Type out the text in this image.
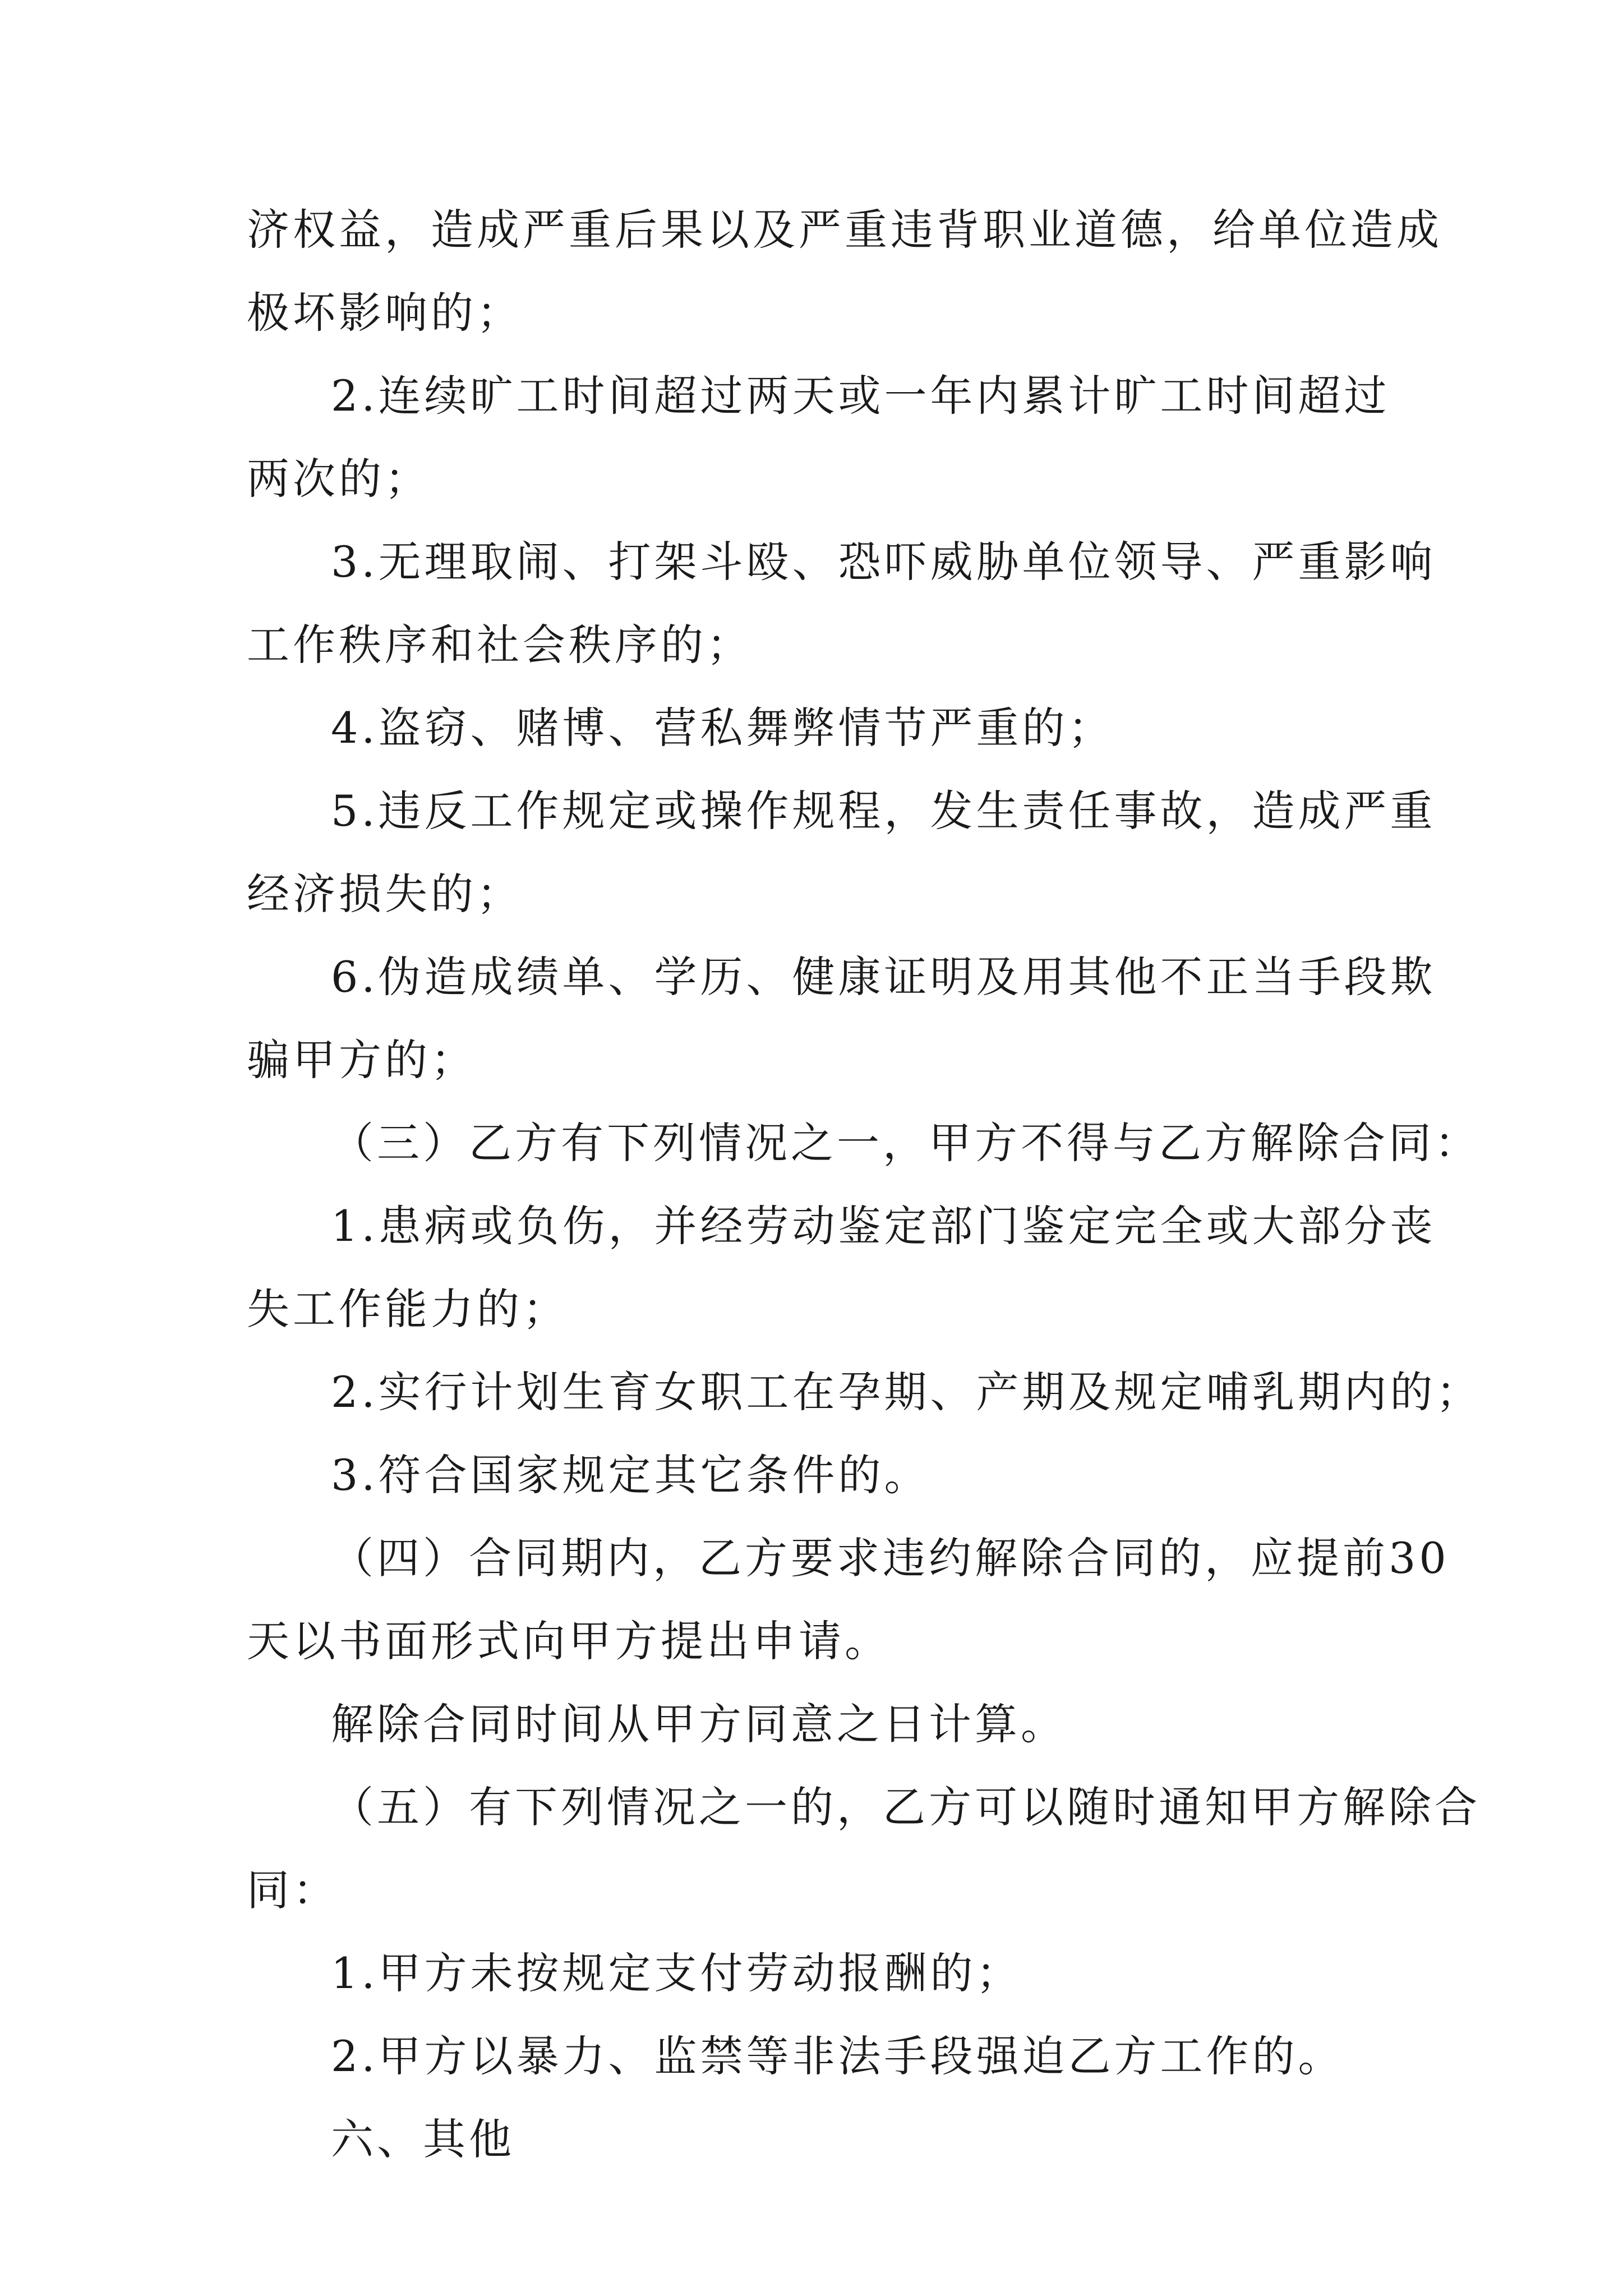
济权益，造成严重后果以及严重违背职业道德，给单位造成
极坏影响的；
2.连续旷工时间超过两天或一年内累计旷工时间超过
两次的；
3.无理取闹、打架斗殴、恐吓威胁单位领导、严重影响
工作秩序和社会秩序的；
4.盗窃、赌博、营私舞弊情节严重的；
5.违反工作规定或操作规程，发生责任事故，造成严重
经济损失的；
6.伪造成绩单、学历、健康证明及用其他不正当手段欺
骗甲方的；
（三）乙方有下列情况之一，甲方不得与乙方解除合同：
1.患病或负伤，并经劳动鉴定部门鉴定完全或大部分丧
失工作能力的；
2.实行计划生育女职工在孕期、产期及规定哺乳期内的；
3.符合国家规定其它条件的。
（四）合同期内，乙方要求违约解除合同的，应提前30
天以书面形式向甲方提出申请。
解除合同时间从甲方同意之日计算。
（五）有下列情况之一的，乙方可以随时通知甲方解除合
同：
1.甲方未按规定支付劳动报酬的；
2.甲方以暴力、监禁等非法手段强迫乙方工作的。
六、其他
